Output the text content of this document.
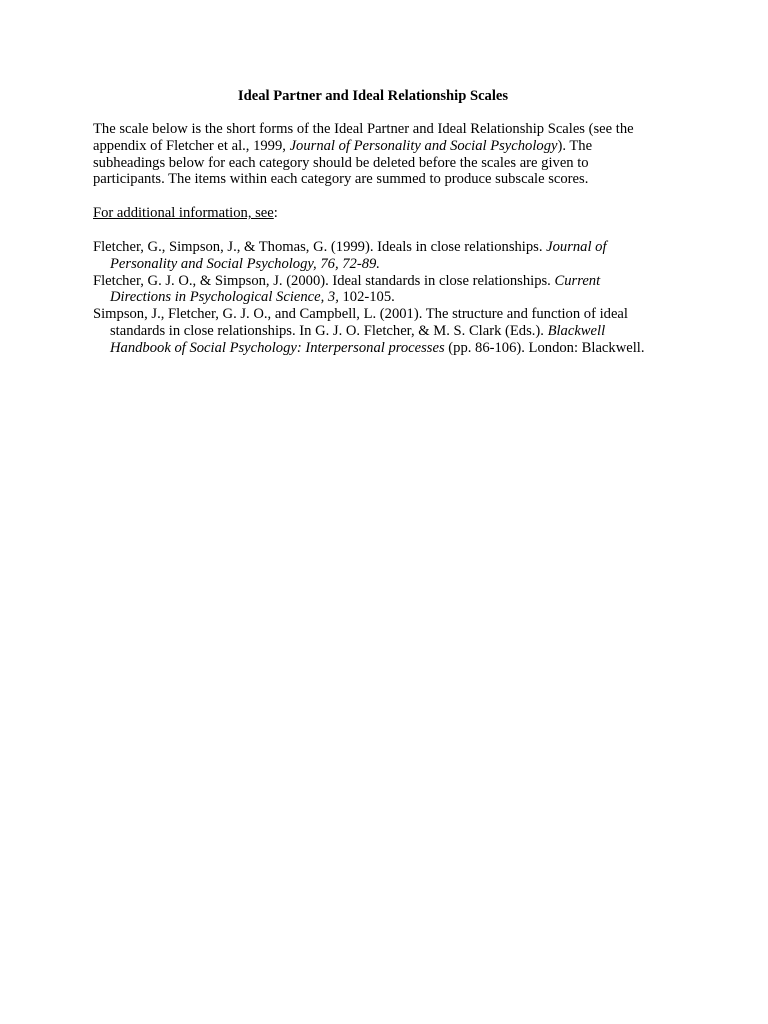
Ideal Partner and Ideal Relationship Scales

The scale below is the short forms of the Ideal Partner and Ideal Relationship Scales (see the appendix of Fletcher et al., 1999, Journal of Personality and Social Psychology). The subheadings below for each category should be deleted before the scales are given to participants. The items within each category are summed to produce subscale scores.

For additional information, see:

Fletcher, G., Simpson, J., & Thomas, G. (1999). Ideals in close relationships. Journal of Personality and Social Psychology, 76, 72-89.

Fletcher, G. J. O., & Simpson, J. (2000). Ideal standards in close relationships. Current Directions in Psychological Science, 3, 102-105.

Simpson, J., Fletcher, G. J. O., and Campbell, L. (2001). The structure and function of ideal standards in close relationships. In G. J. O. Fletcher, & M. S. Clark (Eds.). Blackwell Handbook of Social Psychology: Interpersonal processes (pp. 86-106). London: Blackwell.
